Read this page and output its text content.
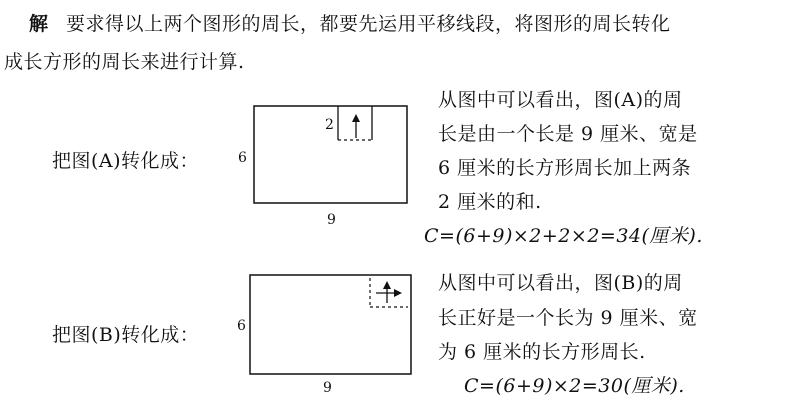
解 要求得以上两个图形的周长，都要先运用平移线段，将图形的周长转化
成长方形的周长来进行计算.
把图(A)转化成：
2
6
9
从图中可以看出，图(A)的周
长是由一个长是 9 厘米、宽是
6 厘米的长方形周长加上两条
2 厘米的和.
C=(6+9)×2+2×2=34(厘米).
把图(B)转化成：	6
9
从图中可以看出，图(B)的周
长正好是一个长为 9 厘米、宽
为 6 厘米的长方形周长.
C=(6+9)×2=30(厘米).
